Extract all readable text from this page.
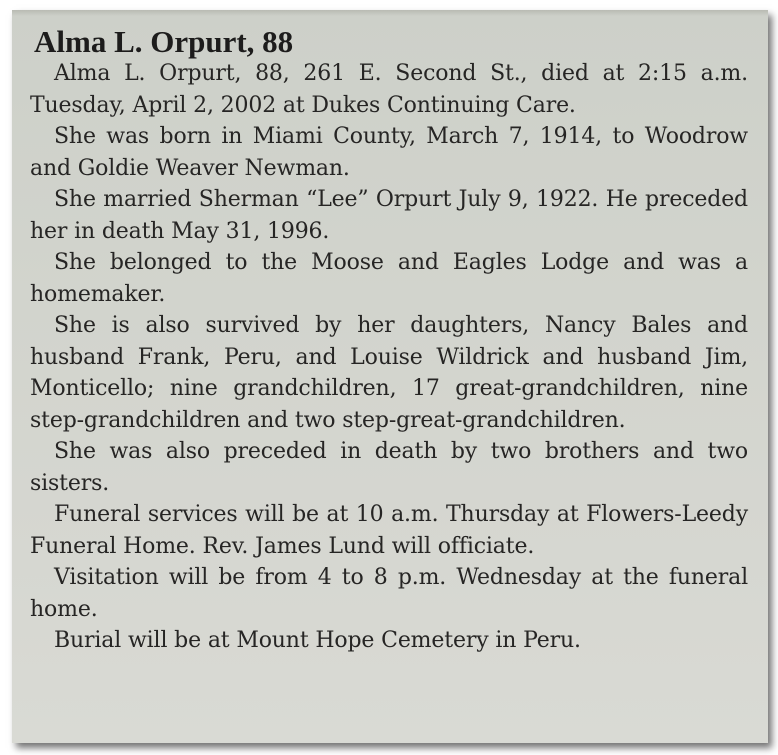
Alma L. Orpurt, 88

Alma L. Orpurt, 88, 261 E. Second St., died at 2:15 a.m. Tuesday, April 2, 2002 at Dukes Continuing Care.

She was born in Miami County, March 7, 1914, to Woodrow and Goldie Weaver Newman.

She married Sherman “Lee” Orpurt July 9, 1922. He preceded her in death May 31, 1996.

She belonged to the Moose and Eagles Lodge and was a homemaker.

She is also survived by her daughters, Nancy Bales and husband Frank, Peru, and Louise Wildrick and husband Jim, Monticello; nine grandchildren, 17 great-grandchildren, nine step-grandchildren and two step-great-grandchildren.

She was also preceded in death by two brothers and two sisters.

Funeral services will be at 10 a.m. Thursday at Flowers-Leedy Funeral Home. Rev. James Lund will officiate.

Visitation will be from 4 to 8 p.m. Wednesday at the funeral home.

Burial will be at Mount Hope Cemetery in Peru.
